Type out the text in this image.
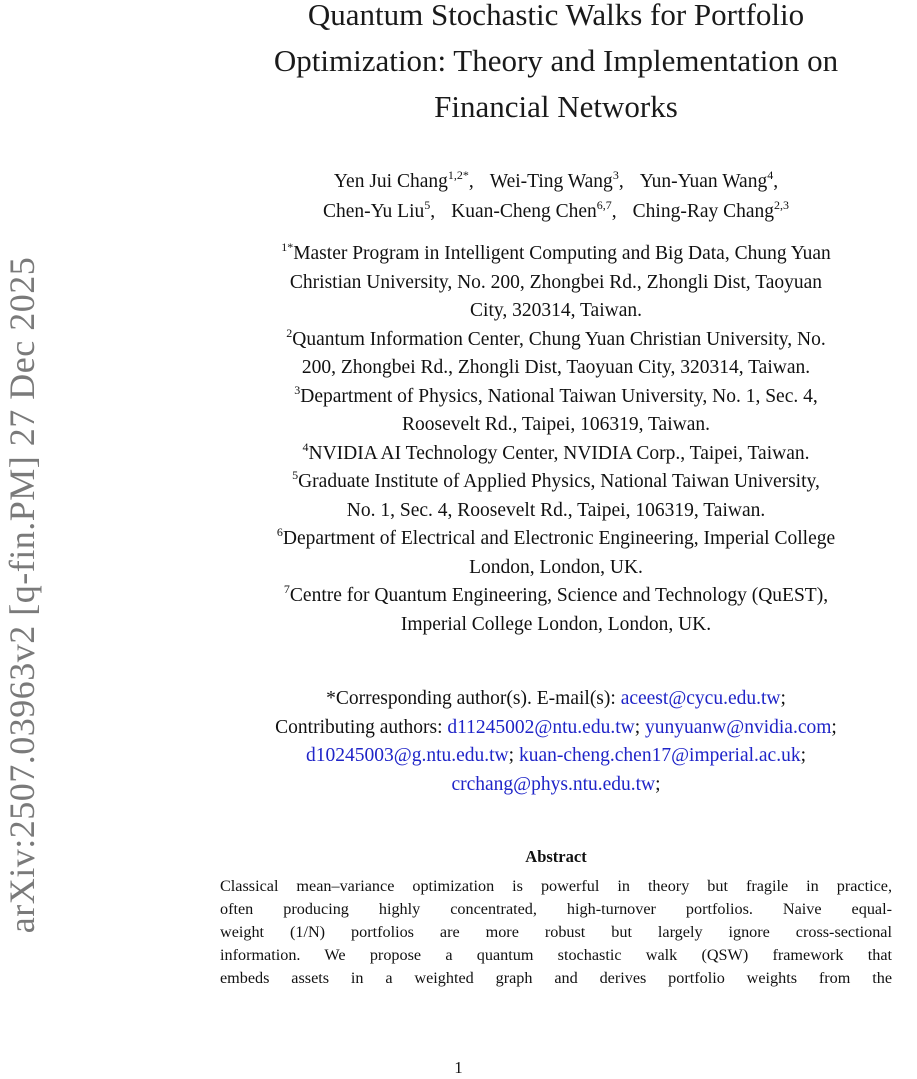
arXiv:2507.03963v2 [q-fin.PM] 27 Dec 2025
Quantum Stochastic Walks for Portfolio
Optimization: Theory and Implementation on
Financial Networks
Yen Jui Chang$^{1,2*}$, Wei-Ting Wang$^3$, Yun-Yuan Wang$^4$,
Chen-Yu Liu$^5$, Kuan-Cheng Chen$^{6,7}$, Ching-Ray Chang$^{2,3}$
$^{1*}$Master Program in Intelligent Computing and Big Data, Chung Yuan
Christian University, No. 200, Zhongbei Rd., Zhongli Dist, Taoyuan
City, 320314, Taiwan.
$^2$Quantum Information Center, Chung Yuan Christian University, No.
200, Zhongbei Rd., Zhongli Dist, Taoyuan City, 320314, Taiwan.
$^3$Department of Physics, National Taiwan University, No. 1, Sec. 4,
Roosevelt Rd., Taipei, 106319, Taiwan.
$^4$NVIDIA AI Technology Center, NVIDIA Corp., Taipei, Taiwan.
$^5$Graduate Institute of Applied Physics, National Taiwan University,
No. 1, Sec. 4, Roosevelt Rd., Taipei, 106319, Taiwan.
$^6$Department of Electrical and Electronic Engineering, Imperial College
London, London, UK.
$^7$Centre for Quantum Engineering, Science and Technology (QuEST),
Imperial College London, London, UK.
*Corresponding author(s). E-mail(s): aceest@cycu.edu.tw;
Contributing authors: d11245002@ntu.edu.tw; yunyuanw@nvidia.com;
d10245003@g.ntu.edu.tw; kuan-cheng.chen17@imperial.ac.uk;
crchang@phys.ntu.edu.tw;
Abstract
Classical mean–variance optimization is powerful in theory but fragile in practice,
often producing highly concentrated, high-turnover portfolios. Naive equal-
weight (1/N) portfolios are more robust but largely ignore cross-sectional
information. We propose a quantum stochastic walk (QSW) framework that
embeds assets in a weighted graph and derives portfolio weights from the
1
